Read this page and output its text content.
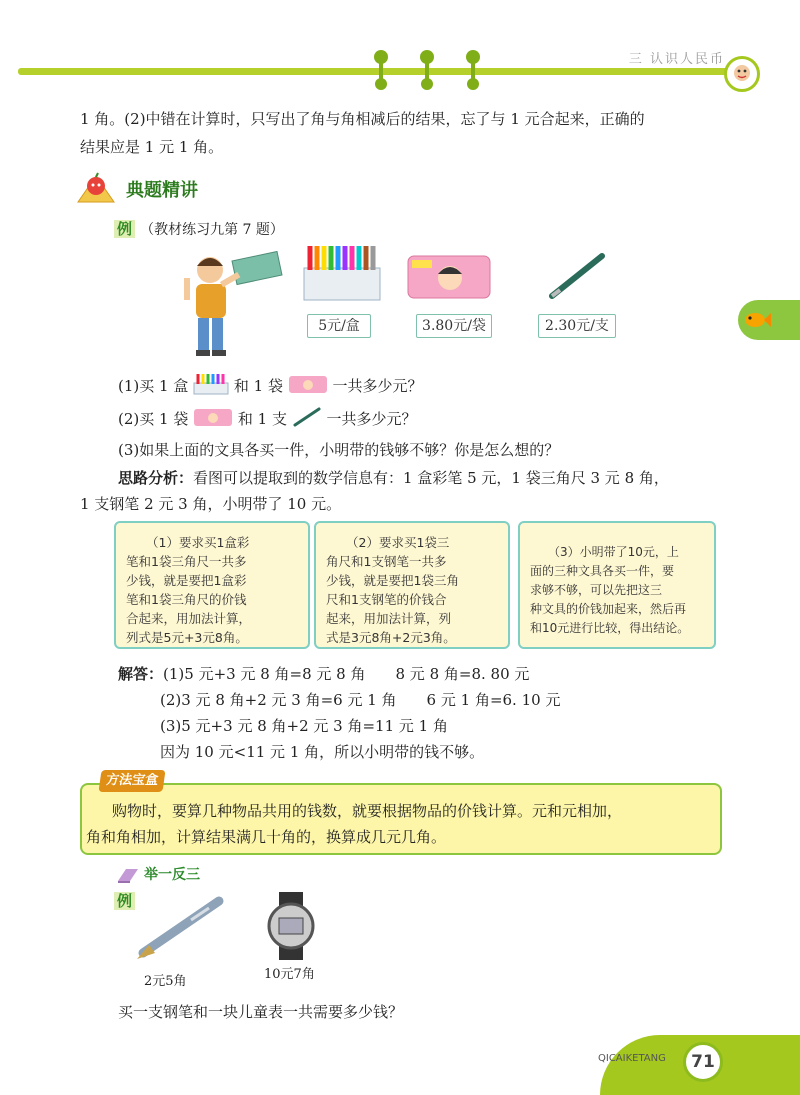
三 认识人民币
1 角。(2)中错在计算时，只写出了角与角相减后的结果，忘了与 1 元合起来，正确的
结果应是 1 元 1 角。
典题精讲
例 （教材练习九第 7 题）
5元/盒	3.80元/袋	2.30元/支
(1)买 1 盒	和 1 袋	一共多少元？
(2)买 1 袋	和 1 支	一共多少元？
(3)如果上面的文具各买一件，小明带的钱够不够？你是怎么想的？
思路分析：看图可以提取到的数学信息有：1 盒彩笔 5 元，1 袋三角尺 3 元 8 角，
1 支钢笔 2 元 3 角，小明带了 10 元。
（1）要求买1盒彩
笔和1袋三角尺一共多
少钱，就是要把1盒彩
笔和1袋三角尺的价钱
合起来，用加法计算，
列式是5元+3元8角。
（2）要求买1袋三
角尺和1支钢笔一共多
少钱，就是要把1袋三角
尺和1支钢笔的价钱合
起来，用加法计算，列
式是3元8角+2元3角。
（3）小明带了10元，上
面的三种文具各买一件，要
求够不够，可以先把这三
种文具的价钱加起来，然后再
和10元进行比较，得出结论。
解答：(1)5 元+3 元 8 角=8 元 8 角　　8 元 8 角=8. 80 元
(2)3 元 8 角+2 元 3 角=6 元 1 角　　6 元 1 角=6. 10 元
(3)5 元+3 元 8 角+2 元 3 角=11 元 1 角
因为 10 元<11 元 1 角，所以小明带的钱不够。
方法宝盒
购物时，要算几种物品共用的钱数，就要根据物品的价钱计算。元和元相加，
角和角相加，计算结果满几十角的，换算成几元几角。
举一反三
例
2元5角	10元7角
买一支钢笔和一块儿童表一共需要多少钱？
QICAIKETANG	71
